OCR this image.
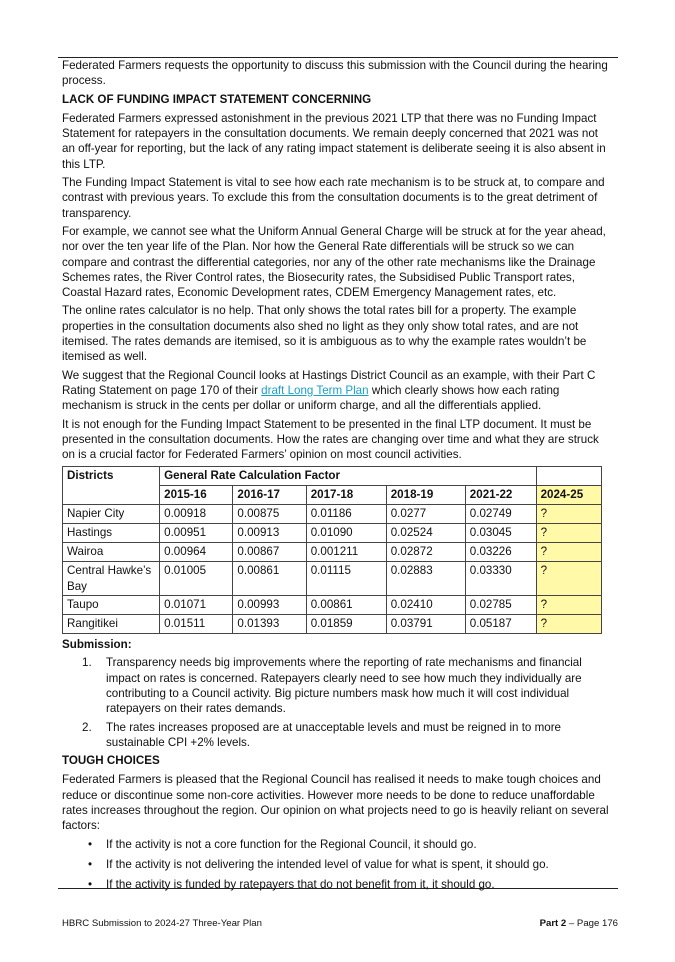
Federated Farmers requests the opportunity to discuss this submission with the Council during the hearing process.

LACK OF FUNDING IMPACT STATEMENT CONCERNING

Federated Farmers expressed astonishment in the previous 2021 LTP that there was no Funding Impact Statement for ratepayers in the consultation documents. We remain deeply concerned that 2021 was not an off-year for reporting, but the lack of any rating impact statement is deliberate seeing it is also absent in this LTP.

The Funding Impact Statement is vital to see how each rate mechanism is to be struck at, to compare and contrast with previous years. To exclude this from the consultation documents is to the great detriment of transparency.

For example, we cannot see what the Uniform Annual General Charge will be struck at for the year ahead, nor over the ten year life of the Plan. Nor how the General Rate differentials will be struck so we can compare and contrast the differential categories, nor any of the other rate mechanisms like the Drainage Schemes rates, the River Control rates, the Biosecurity rates, the Subsidised Public Transport rates, Coastal Hazard rates, Economic Development rates, CDEM Emergency Management rates, etc.

The online rates calculator is no help. That only shows the total rates bill for a property. The example properties in the consultation documents also shed no light as they only show total rates, and are not itemised. The rates demands are itemised, so it is ambiguous as to why the example rates wouldn’t be itemised as well.

We suggest that the Regional Council looks at Hastings District Council as an example, with their Part C Rating Statement on page 170 of their draft Long Term Plan which clearly shows how each rating mechanism is struck in the cents per dollar or uniform charge, and all the differentials applied.

It is not enough for the Funding Impact Statement to be presented in the final LTP document. It must be presented in the consultation documents. How the rates are changing over time and what they are struck on is a crucial factor for Federated Farmers’ opinion on most council activities.

Districts	General Rate Calculation Factor					
	2015-16	2016-17	2017-18	2018-19	2021-22	2024-25
Napier City	0.00918	0.00875	0.01186	0.0277	0.02749	?
Hastings	0.00951	0.00913	0.01090	0.02524	0.03045	?
Wairoa	0.00964	0.00867	0.001211	0.02872	0.03226	?
Central Hawke’s Bay	0.01005	0.00861	0.01115	0.02883	0.03330	?
Taupo	0.01071	0.00993	0.00861	0.02410	0.02785	?
Rangitikei	0.01511	0.01393	0.01859	0.03791	0.05187	?
Submission:
1. Transparency needs big improvements where the reporting of rate mechanisms and financial impact on rates is concerned. Ratepayers clearly need to see how much they individually are contributing to a Council activity. Big picture numbers mask how much it will cost individual ratepayers on their rates demands.
2. The rates increases proposed are at unacceptable levels and must be reigned in to more sustainable CPI +2% levels.
TOUGH CHOICES

Federated Farmers is pleased that the Regional Council has realised it needs to make tough choices and reduce or discontinue some non-core activities. However more needs to be done to reduce unaffordable rates increases throughout the region. Our opinion on what projects need to go is heavily reliant on several factors:

• If the activity is not a core function for the Regional Council, it should go.
• If the activity is not delivering the intended level of value for what is spent, it should go.
• If the activity is funded by ratepayers that do not benefit from it, it should go.
HBRC Submission to 2024-27 Three-Year Plan	Part 2 – Page 176
